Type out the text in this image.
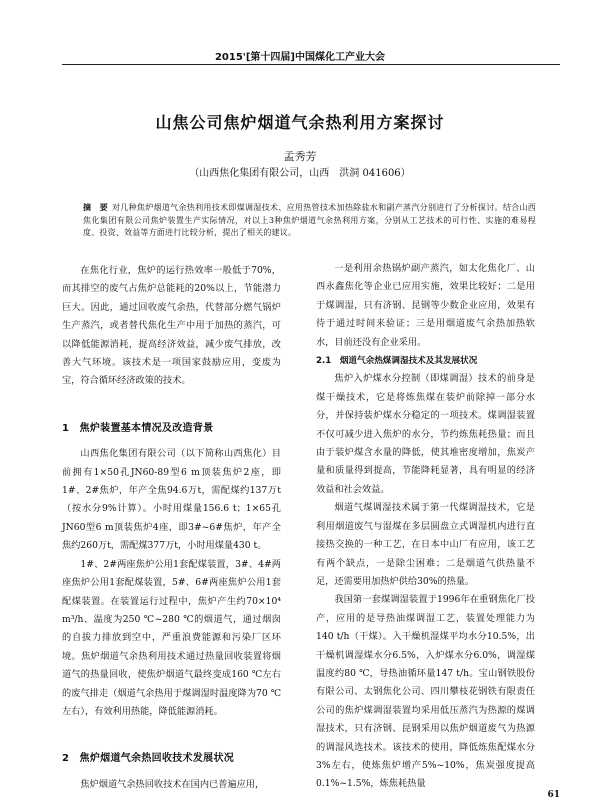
2015'[第十四届]中国煤化工产业大会
山焦公司焦炉烟道气余热利用方案探讨
孟秀芳
（山西焦化集团有限公司，山西　洪洞 041606）
摘　要 对几种焦炉烟道气余热利用技术即煤调湿技术、应用热管技术加热除盐水和副产蒸汽分别进行了分析探讨。结合山西焦化集团有限公司焦炉装置生产实际情况，对以上3种焦炉烟道气余热利用方案，分别从工艺技术的可行性、实施的难易程度、投资、效益等方面进行比较分析，提出了相关的建议。

在焦化行业，焦炉的运行热效率一般低于70%，而其排空的废气占焦炉总能耗的20%以上，节能潜力巨大。因此，通过回收废气余热，代替部分燃气锅炉生产蒸汽，或者替代焦化生产中用于加热的蒸汽，可以降低能源消耗，提高经济效益，减少废气排放，改善大气环境。该技术是一项国家鼓励应用，变废为宝，符合循环经济政策的技术。

1　焦炉装置基本情况及改造背景

山西焦化集团有限公司（以下简称山西焦化）目前拥有1×50孔JN60-89型6 m顶装焦炉2座，即1#、2#焦炉，年产全焦94.6万t，需配煤约137万t（按水分9%计算）。小时用煤量156.6 t；1×65孔JN60型6 m顶装焦炉4座，即3#~6#焦炉，年产全焦约260万t，需配煤377万t，小时用煤量430 t。

1#、2#两座焦炉公用1套配煤装置，3#、4#两座焦炉公用1套配煤装置，5#、6#两座焦炉公用1套配煤装置。在装置运行过程中，焦炉产生约70×10⁴ m³/h、温度为250 ℃~280 ℃的烟道气，通过烟囱的自拔力排放到空中，严重浪费能源和污染厂区环境。焦炉烟道气余热利用技术通过热量回收装置将烟道气的热量回收，使焦炉烟道气最终变成160 ℃左右的废气排走（烟道气余热用于煤调湿时温度降为70 ℃左右），有效利用热能，降低能源消耗。

2　焦炉烟道气余热回收技术发展状况

焦炉烟道气余热回收技术在国内已普遍应用，

一是利用余热锅炉副产蒸汽，如太化焦化厂、山西永鑫焦化等企业已应用实施，效果比较好；二是用于煤调湿，只有济钢、昆钢等少数企业应用，效果有待于通过时间来验证；三是用烟道废气余热加热软水，目前还没有企业采用。

2.1　烟道气余热煤调湿技术及其发展状况

焦炉入炉煤水分控制（即煤调湿）技术的前身是煤干燥技术，它是将炼焦煤在装炉前除掉一部分水分，并保持装炉煤水分稳定的一项技术。煤调湿装置不仅可减少进入焦炉的水分，节约炼焦耗热量；而且由于装炉煤含水量的降低，使其堆密度增加，焦炭产量和质量得到提高，节能降耗显著，具有明显的经济效益和社会效益。

烟道气煤调湿技术属于第一代煤调湿技术，它是利用烟道废气与湿煤在多层圆盘立式调湿机内进行直接热交换的一种工艺，在日本中山厂有应用，该工艺有两个缺点，一是除尘困难；二是烟道气供热量不足，还需要用加热炉供给30%的热量。

我国第一套煤调湿装置于1996年在重钢焦化厂投产，应用的是导热油煤调湿工艺，装置处理能力为140 t/h（干煤）。入干燥机湿煤平均水分10.5%，出干燥机调湿煤水分6.5%，入炉煤水分6.0%，调湿煤温度约80 ℃，导热油循环量147 t/h。宝山钢铁股份有限公司、太钢焦化公司、四川攀枝花钢铁有限责任公司的焦炉煤调湿装置均采用低压蒸汽为热源的煤调湿技术，只有济钢、昆钢采用以焦炉烟道废气为热源的调湿风选技术。该技术的使用，降低炼焦配煤水分3%左右，使炼焦炉增产5%~10%，焦炭强度提高0.1%~1.5%，炼焦耗热量

61
